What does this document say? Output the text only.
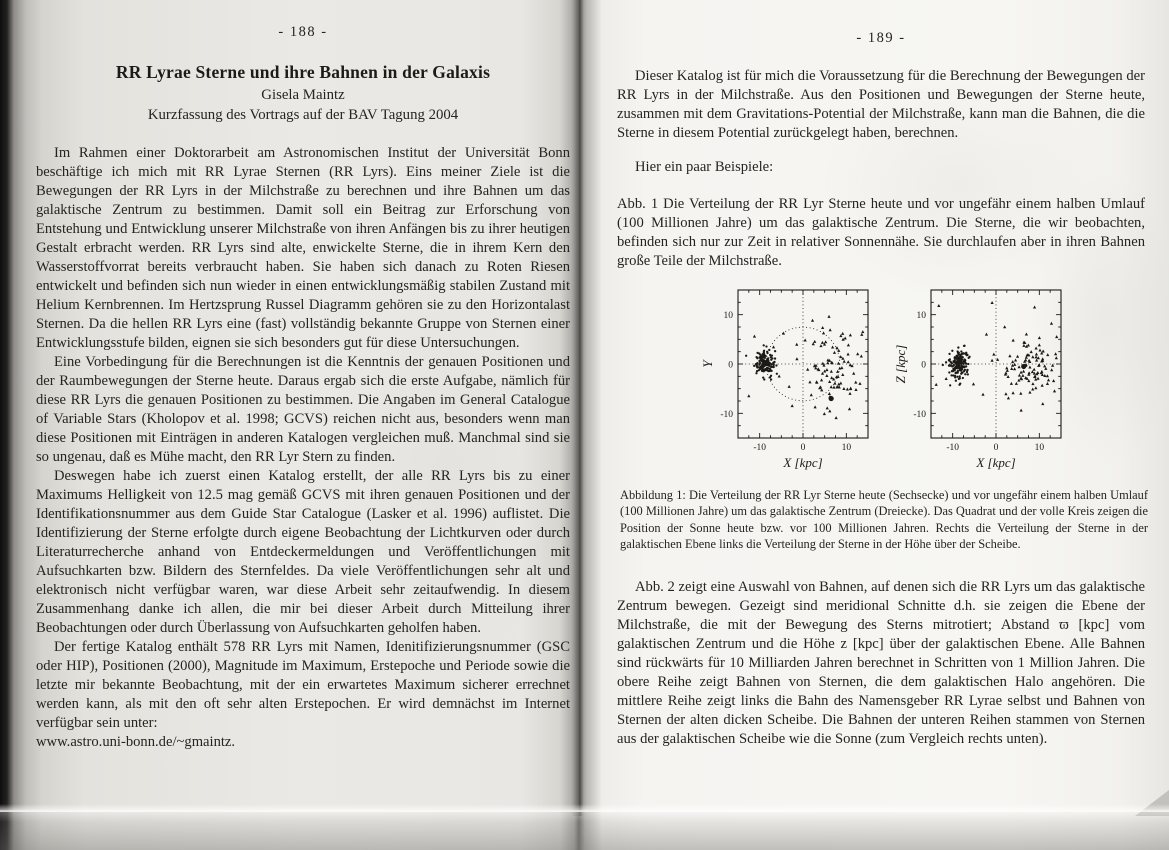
- 188 -
RR Lyrae Sterne und ihre Bahnen in der Galaxis
Gisela Maintz
Kurzfassung des Vortrags auf der BAV Tagung 2004

Im Rahmen einer Doktorarbeit am Astronomischen Institut der Universität Bonn beschäftige ich mich mit RR Lyrae Sternen (RR Lyrs). Eins meiner Ziele ist die Bewegungen der RR Lyrs in der Milchstraße zu berechnen und ihre Bahnen um das galaktische Zentrum zu bestimmen. Damit soll ein Beitrag zur Erforschung von Entstehung und Entwicklung unserer Milchstraße von ihren Anfängen bis zu ihrer heutigen Gestalt erbracht werden. RR Lyrs sind alte, enwickelte Sterne, die in ihrem Kern den Wasserstoffvorrat bereits verbraucht haben. Sie haben sich danach zu Roten Riesen entwickelt und befinden sich nun wieder in einen entwicklungsmäßig stabilen Zustand mit Helium Kernbrennen. Im Hertzsprung Russel Diagramm gehören sie zu den Horizontalast Sternen. Da die hellen RR Lyrs eine (fast) vollständig bekannte Gruppe von Sternen einer Entwicklungsstufe bilden, eignen sie sich besonders gut für diese Untersuchungen.

Eine Vorbedingung für die Berechnungen ist die Kenntnis der genauen Positionen und der Raumbewegungen der Sterne heute. Daraus ergab sich die erste Aufgabe, nämlich für diese RR Lyrs die genauen Positionen zu bestimmen. Die Angaben im General Catalogue of Variable Stars (Kholopov et al. 1998; GCVS) reichen nicht aus, besonders wenn man diese Positionen mit Einträgen in anderen Katalogen vergleichen muß. Manchmal sind sie so ungenau, daß es Mühe macht, den RR Lyr Stern zu finden.

Deswegen habe ich zuerst einen Katalog erstellt, der alle RR Lyrs bis zu einer Maximums Helligkeit von 12.5 mag gemäß GCVS mit ihren genauen Positionen und der Identifikationsnummer aus dem Guide Star Catalogue (Lasker et al. 1996) auflistet. Die Identifizierung der Sterne erfolgte durch eigene Beobachtung der Lichtkurven oder durch Literaturrecherche anhand von Entdeckermeldungen und Veröffentlichungen mit Aufsuchkarten bzw. Bildern des Sternfeldes. Da viele Veröffentlichungen sehr alt und elektronisch nicht verfügbar waren, war diese Arbeit sehr zeitaufwendig. In diesem Zusammenhang danke ich allen, die mir bei dieser Arbeit durch Mitteilung ihrer Beobachtungen oder durch Überlassung von Aufsuchkarten geholfen haben.

Der fertige Katalog enthält 578 RR Lyrs mit Namen, Idenitifizierungsnummer (GSC oder HIP), Positionen (2000), Magnitude im Maximum, Erstepoche und Periode sowie die letzte mir bekannte Beobachtung, mit der ein erwartetes Maximum sicherer errechnet werden kann, als mit den oft sehr alten Erstepochen. Er wird demnächst im Internet verfügbar sein unter:

www.astro.uni-bonn.de/~gmaintz.

- 189 -

Dieser Katalog ist für mich die Voraussetzung für die Berechnung der Bewegungen der RR Lyrs in der Milchstraße. Aus den Positionen und Bewegungen der Sterne heute, zusammen mit dem Gravitations-Potential der Milchstraße, kann man die Bahnen, die die Sterne in diesem Potential zurückgelegt haben, berechnen.

Hier ein paar Beispiele:

Abb. 1 Die Verteilung der RR Lyr Sterne heute und vor ungefähr einem halben Umlauf (100 Millionen Jahre) um das galaktische Zentrum. Die Sterne, die wir beobachten, befinden sich nur zur Zeit in relativer Sonnennähe. Sie durchlaufen aber in ihren Bahnen große Teile der Milchstraße.

-10	0	10
10
0
-10
X [kpc]
Y
-10	0	10
10
0
-10
X [kpc]
Z [kpc]

Abbildung 1: Die Verteilung der RR Lyr Sterne heute (Sechsecke) und vor ungefähr einem halben Umlauf (100 Millionen Jahre) um das galaktische Zentrum (Dreiecke). Das Quadrat und der volle Kreis zeigen die Position der Sonne heute bzw. vor 100 Millionen Jahren. Rechts die Verteilung der Sterne in der galaktischen Ebene links die Verteilung der Sterne in der Höhe über der Scheibe.

Abb. 2 zeigt eine Auswahl von Bahnen, auf denen sich die RR Lyrs um das galaktische Zentrum bewegen. Gezeigt sind meridional Schnitte d.h. sie zeigen die Ebene der Milchstraße, die mit der Bewegung des Sterns mitrotiert; Abstand ϖ [kpc] vom galaktischen Zentrum und die Höhe z [kpc] über der galaktischen Ebene. Alle Bahnen sind rückwärts für 10 Milliarden Jahren berechnet in Schritten von 1 Million Jahren. Die obere Reihe zeigt Bahnen von Sternen, die dem galaktischen Halo angehören. Die mittlere Reihe zeigt links die Bahn des Namensgeber RR Lyrae selbst und Bahnen von Sternen der alten dicken Scheibe. Die Bahnen der unteren Reihen stammen von Sternen aus der galaktischen Scheibe wie die Sonne (zum Vergleich rechts unten).
